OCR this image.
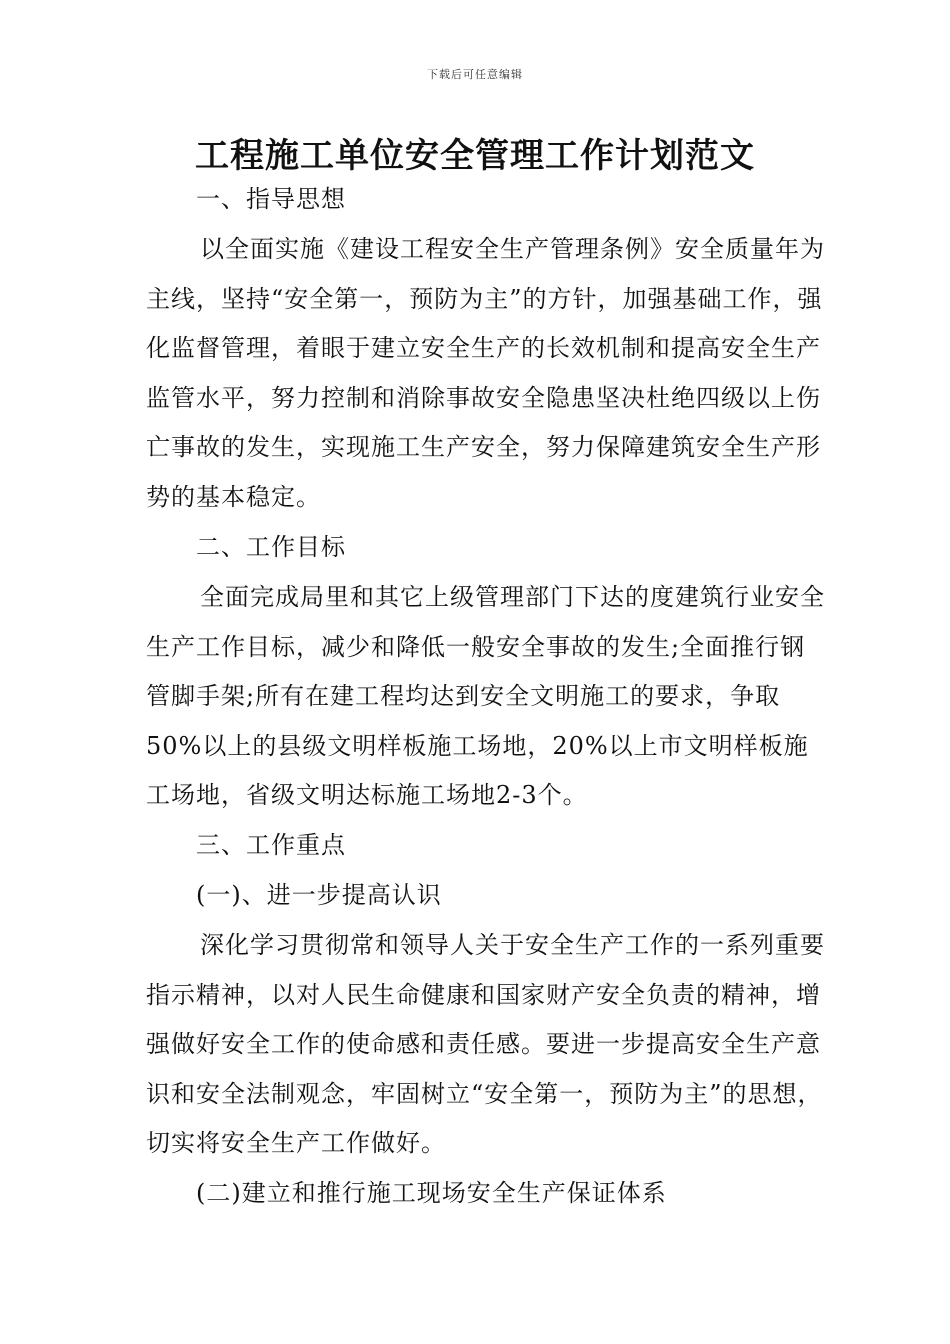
下载后可任意编辑
工程施工单位安全管理工作计划范文
一、指导思想

以全面实施《建设工程安全生产管理条例》安全质量年为主线，坚持“安全第一，预防为主”的方针，加强基础工作，强化监督管理，着眼于建立安全生产的长效机制和提高安全生产监管水平，努力控制和消除事故安全隐患坚决杜绝四级以上伤亡事故的发生，实现施工生产安全，努力保障建筑安全生产形势的基本稳定。

二、工作目标

全面完成局里和其它上级管理部门下达的度建筑行业安全生产工作目标，减少和降低一般安全事故的发生;全面推行钢管脚手架;所有在建工程均达到安全文明施工的要求，争取50%以上的县级文明样板施工场地，20%以上市文明样板施工场地，省级文明达标施工场地2-3个。

三、工作重点
(一)、进一步提高认识

深化学习贯彻常和领导人关于安全生产工作的一系列重要指示精神，以对人民生命健康和国家财产安全负责的精神，增强做好安全工作的使命感和责任感。要进一步提高安全生产意识和安全法制观念，牢固树立“安全第一，预防为主”的思想，切实将安全生产工作做好。

(二)建立和推行施工现场安全生产保证体系
